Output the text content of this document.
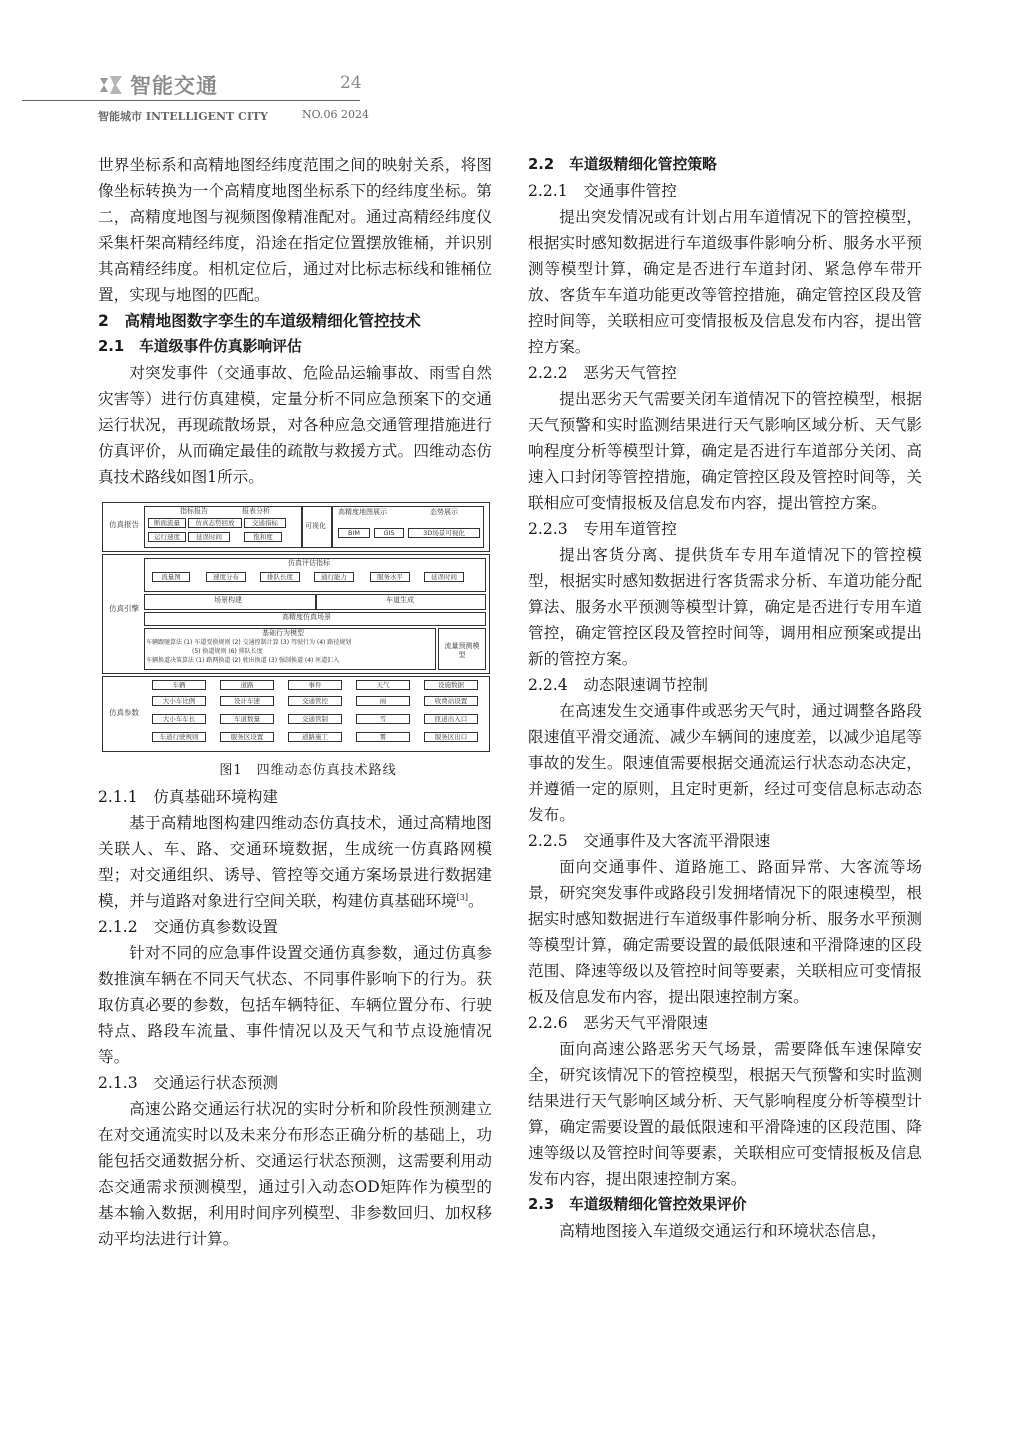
智能交通	24
智能城市 INTELLIGENT CITY	NO.06 2024

世界坐标系和高精地图经纬度范围之间的映射关系，将图像坐标转换为一个高精度地图坐标系下的经纬度坐标。第二，高精度地图与视频图像精准配对。通过高精经纬度仪采集杆架高精经纬度，沿途在指定位置摆放锥桶，并识别其高精经纬度。相机定位后，通过对比标志标线和锥桶位置，实现与地图的匹配。

2　高精地图数字孪生的车道级精细化管控技术
2.1　车道级事件仿真影响评估

对突发事件（交通事故、危险品运输事故、雨雪自然灾害等）进行仿真建模，定量分析不同应急预案下的交通运行状况，再现疏散场景，对各种应急交通管理措施进行仿真评价，从而确定最佳的疏散与救援方式。四维动态仿真技术路线如图1所示。

仿真报告
指标报告	报表分析
断面流量	仿真态势回放	交通指标
运行速度	延误时间	饱和度
可视化
高精度地图展示	态势展示
BIM	GIS	3D场景可视化
仿真引擎
仿真评估指标
流量图	速度分布	排队长度	通行能力	服务水平	延误时间
场景构建	车道生成
高精度仿真场景
基础行为模型
车辆跟驰算法 (1) 车道变换规则 (2) 交通控制计算 (3) 驾驶行为 (4) 路径规划
(5) 换道规则 (6) 排队长度
车辆换道决策算法 (1) 路网换道 (2) 驶出换道 (3) 强制换道 (4) 匝道汇入
流量预测模型
仿真参数
车辆	道路	事件	天气	设施数据
大小车比例	设计车速	交通管控	雨	收费站设置
大小车车长	车道数量	交通管制	雪	匝道出入口
车道行驶规则	服务区设置	道路施工	雾	服务区出口

图1　四维动态仿真技术路线

2.1.1　仿真基础环境构建

基于高精地图构建四维动态仿真技术，通过高精地图关联人、车、路、交通环境数据，生成统一仿真路网模型；对交通组织、诱导、管控等交通方案场景进行数据建模，并与道路对象进行空间关联，构建仿真基础环境[3]。

2.1.2　交通仿真参数设置

针对不同的应急事件设置交通仿真参数，通过仿真参数推演车辆在不同天气状态、不同事件影响下的行为。获取仿真必要的参数，包括车辆特征、车辆位置分布、行驶特点、路段车流量、事件情况以及天气和节点设施情况等。

2.1.3　交通运行状态预测

高速公路交通运行状况的实时分析和阶段性预测建立在对交通流实时以及未来分布形态正确分析的基础上，功能包括交通数据分析、交通运行状态预测，这需要利用动态交通需求预测模型，通过引入动态OD矩阵作为模型的基本输入数据，利用时间序列模型、非参数回归、加权移动平均法进行计算。

2.2　车道级精细化管控策略
2.2.1　交通事件管控

提出突发情况或有计划占用车道情况下的管控模型，根据实时感知数据进行车道级事件影响分析、服务水平预测等模型计算，确定是否进行车道封闭、紧急停车带开放、客货车车道功能更改等管控措施，确定管控区段及管控时间等，关联相应可变情报板及信息发布内容，提出管控方案。

2.2.2　恶劣天气管控

提出恶劣天气需要关闭车道情况下的管控模型，根据天气预警和实时监测结果进行天气影响区域分析、天气影响程度分析等模型计算，确定是否进行车道部分关闭、高速入口封闭等管控措施，确定管控区段及管控时间等，关联相应可变情报板及信息发布内容，提出管控方案。

2.2.3　专用车道管控

提出客货分离、提供货车专用车道情况下的管控模型，根据实时感知数据进行客货需求分析、车道功能分配算法、服务水平预测等模型计算，确定是否进行专用车道管控，确定管控区段及管控时间等，调用相应预案或提出新的管控方案。

2.2.4　动态限速调节控制

在高速发生交通事件或恶劣天气时，通过调整各路段限速值平滑交通流、减少车辆间的速度差，以减少追尾等事故的发生。限速值需要根据交通流运行状态动态决定，并遵循一定的原则，且定时更新，经过可变信息标志动态发布。

2.2.5　交通事件及大客流平滑限速

面向交通事件、道路施工、路面异常、大客流等场景，研究突发事件或路段引发拥堵情况下的限速模型，根据实时感知数据进行车道级事件影响分析、服务水平预测等模型计算，确定需要设置的最低限速和平滑降速的区段范围、降速等级以及管控时间等要素，关联相应可变情报板及信息发布内容，提出限速控制方案。

2.2.6　恶劣天气平滑限速

面向高速公路恶劣天气场景，需要降低车速保障安全，研究该情况下的管控模型，根据天气预警和实时监测结果进行天气影响区域分析、天气影响程度分析等模型计算，确定需要设置的最低限速和平滑降速的区段范围、降速等级以及管控时间等要素，关联相应可变情报板及信息发布内容，提出限速控制方案。

2.3　车道级精细化管控效果评价

高精地图接入车道级交通运行和环境状态信息，
